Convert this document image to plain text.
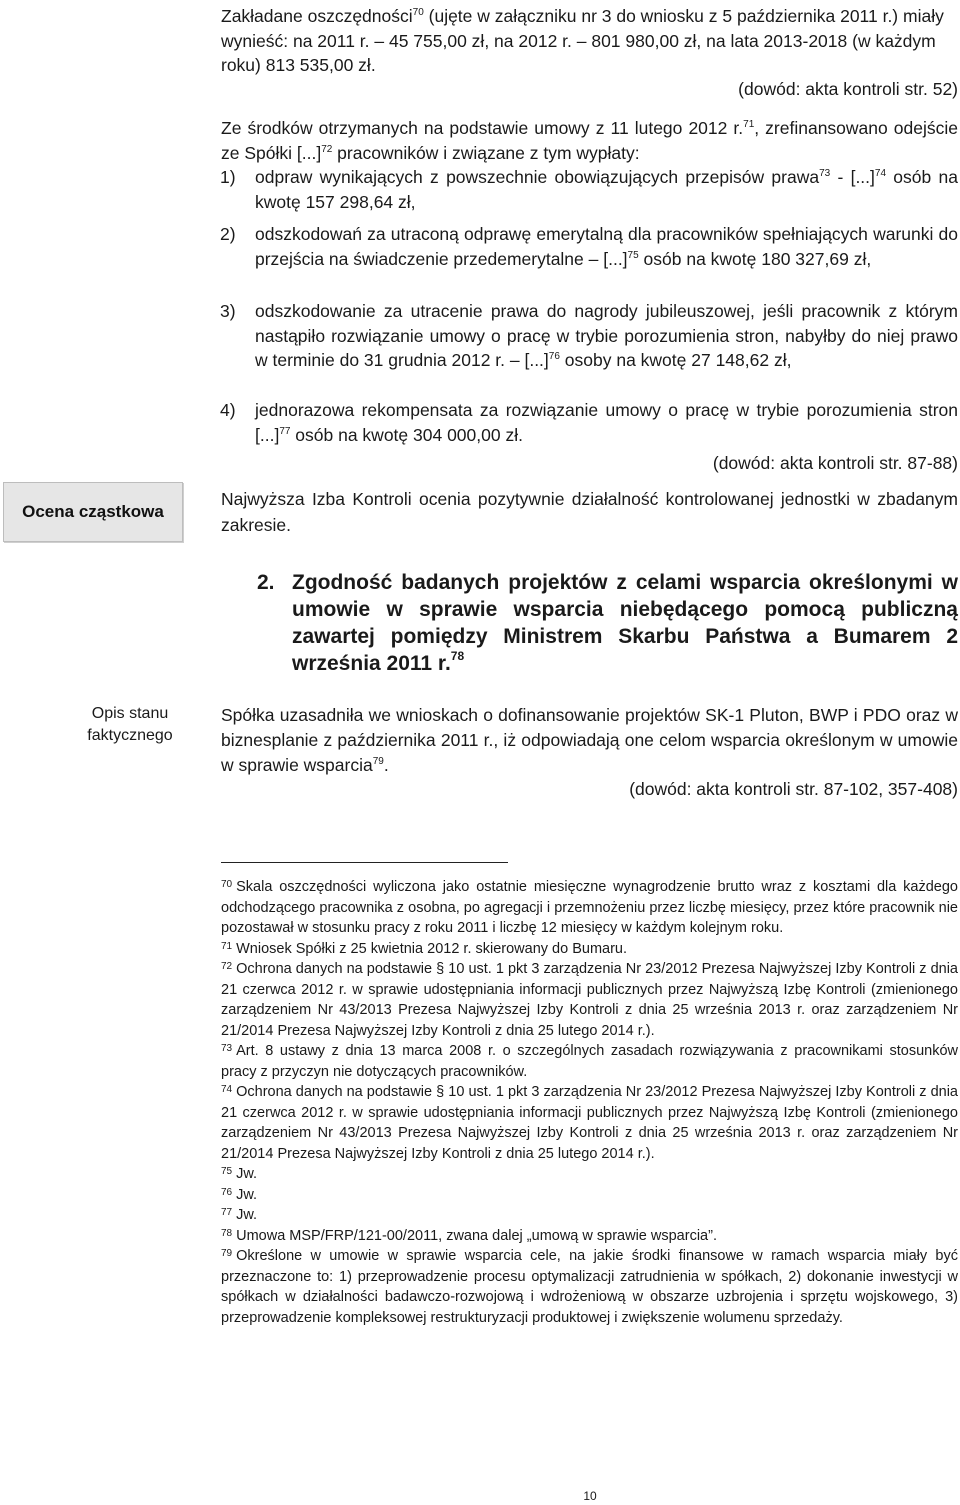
Zakładane oszczędności$^{70}$ (ujęte w załączniku nr 3 do wniosku z 5 października 2011 r.) miały wynieść: na 2011 r. – 45 755,00 zł, na 2012 r. – 801 980,00 zł, na lata 2013-2018 (w każdym roku) 813 535,00 zł.
(dowód: akta kontroli str. 52)
Ze środków otrzymanych na podstawie umowy z 11 lutego 2012 r.$^{71}$, zrefinansowano odejście ze Spółki [...]$^{72}$ pracowników i związane z tym wypłaty:
1) odpraw wynikających z powszechnie obowiązujących przepisów prawa$^{73}$ - [...]$^{74}$ osób na kwotę 157 298,64 zł,
2) odszkodowań za utraconą odprawę emerytalną dla pracowników spełniających warunki do przejścia na świadczenie przedemerytalne – [...]$^{75}$ osób na kwotę 180 327,69 zł,
3) odszkodowanie za utracenie prawa do nagrody jubileuszowej, jeśli pracownik z którym nastąpiło rozwiązanie umowy o pracę w trybie porozumienia stron, nabyłby do niej prawo w terminie do 31 grudnia 2012 r. – [...]$^{76}$ osoby na kwotę 27 148,62 zł,
4) jednorazowa rekompensata za rozwiązanie umowy o pracę w trybie porozumienia stron [...]$^{77}$ osób na kwotę 304 000,00 zł.
(dowód: akta kontroli str. 87-88)
Ocena cząstkowa
Najwyższa Izba Kontroli ocenia pozytywnie działalność kontrolowanej jednostki w zbadanym zakresie.
2. Zgodność badanych projektów z celami wsparcia określonymi w umowie w sprawie wsparcia niebędącego pomocą publiczną zawartej pomiędzy Ministrem Skarbu Państwa a Bumarem 2 września 2011 r.$^{78}$
Opis stanu faktycznego
Spółka uzasadniła we wnioskach o dofinansowanie projektów SK-1 Pluton, BWP i PDO oraz w biznesplanie z października 2011 r., iż odpowiadają one celom wsparcia określonym w umowie w sprawie wsparcia$^{79}$.
(dowód: akta kontroli str. 87-102, 357-408)

$^{70}$ Skala oszczędności wyliczona jako ostatnie miesięczne wynagrodzenie brutto wraz z kosztami dla każdego odchodzącego pracownika z osobna, po agregacji i przemnożeniu przez liczbę miesięcy, przez które pracownik nie pozostawał w stosunku pracy z roku 2011 i liczbę 12 miesięcy w każdym kolejnym roku.

$^{71}$ Wniosek Spółki z 25 kwietnia 2012 r. skierowany do Bumaru.

$^{72}$ Ochrona danych na podstawie § 10 ust. 1 pkt 3 zarządzenia Nr 23/2012 Prezesa Najwyższej Izby Kontroli z dnia 21 czerwca 2012 r. w sprawie udostępniania informacji publicznych przez Najwyższą Izbę Kontroli (zmienionego zarządzeniem Nr 43/2013 Prezesa Najwyższej Izby Kontroli z dnia 25 września 2013 r. oraz zarządzeniem Nr 21/2014 Prezesa Najwyższej Izby Kontroli z dnia 25 lutego 2014 r.).

$^{73}$ Art. 8 ustawy z dnia 13 marca 2008 r. o szczególnych zasadach rozwiązywania z pracownikami stosunków pracy z przyczyn nie dotyczących pracowników.

$^{74}$ Ochrona danych na podstawie § 10 ust. 1 pkt 3 zarządzenia Nr 23/2012 Prezesa Najwyższej Izby Kontroli z dnia 21 czerwca 2012 r. w sprawie udostępniania informacji publicznych przez Najwyższą Izbę Kontroli (zmienionego zarządzeniem Nr 43/2013 Prezesa Najwyższej Izby Kontroli z dnia 25 września 2013 r. oraz zarządzeniem Nr 21/2014 Prezesa Najwyższej Izby Kontroli z dnia 25 lutego 2014 r.).

$^{75}$ Jw.

$^{76}$ Jw.

$^{77}$ Jw.

$^{78}$ Umowa MSP/FRP/121-00/2011, zwana dalej „umową w sprawie wsparcia”.

$^{79}$ Określone w umowie w sprawie wsparcia cele, na jakie środki finansowe w ramach wsparcia miały być przeznaczone to: 1) przeprowadzenie procesu optymalizacji zatrudnienia w spółkach, 2) dokonanie inwestycji w spółkach w działalności badawczo-rozwojową i wdrożeniową w obszarze uzbrojenia i sprzętu wojskowego, 3) przeprowadzenie kompleksowej restrukturyzacji produktowej i zwiększenie wolumenu sprzedaży.

10
